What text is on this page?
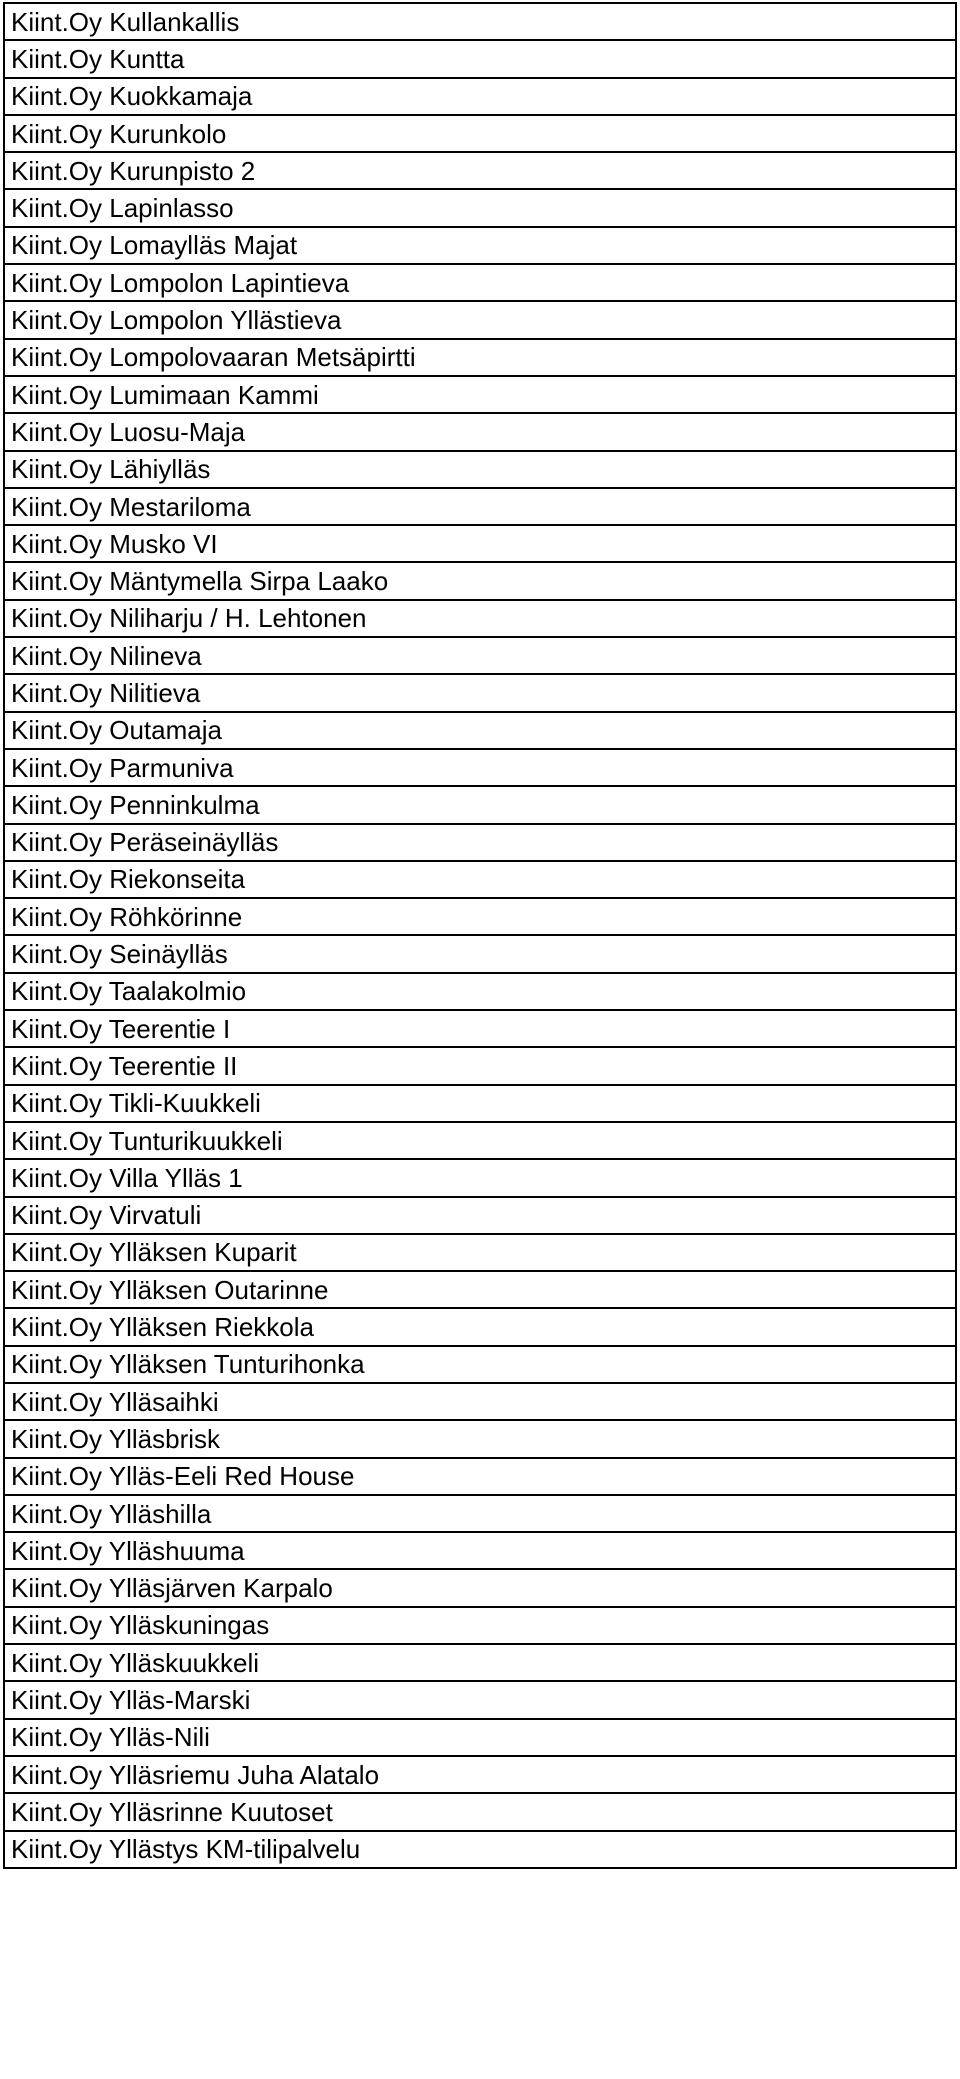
Kiint.Oy Kullankallis
Kiint.Oy Kuntta
Kiint.Oy Kuokkamaja
Kiint.Oy Kurunkolo
Kiint.Oy Kurunpisto 2
Kiint.Oy Lapinlasso
Kiint.Oy Lomaylläs Majat
Kiint.Oy Lompolon Lapintieva
Kiint.Oy Lompolon Yllästieva
Kiint.Oy Lompolovaaran Metsäpirtti
Kiint.Oy Lumimaan Kammi
Kiint.Oy Luosu-Maja
Kiint.Oy Lähiylläs
Kiint.Oy Mestariloma
Kiint.Oy Musko VI
Kiint.Oy Mäntymella Sirpa Laako
Kiint.Oy Niliharju / H. Lehtonen
Kiint.Oy Nilineva
Kiint.Oy Nilitieva
Kiint.Oy Outamaja
Kiint.Oy Parmuniva
Kiint.Oy Penninkulma
Kiint.Oy Peräseinäylläs
Kiint.Oy Riekonseita
Kiint.Oy Röhkörinne
Kiint.Oy Seinäylläs
Kiint.Oy Taalakolmio
Kiint.Oy Teerentie I
Kiint.Oy Teerentie II
Kiint.Oy Tikli-Kuukkeli
Kiint.Oy Tunturikuukkeli
Kiint.Oy Villa Ylläs 1
Kiint.Oy Virvatuli
Kiint.Oy Ylläksen Kuparit
Kiint.Oy Ylläksen Outarinne
Kiint.Oy Ylläksen Riekkola
Kiint.Oy Ylläksen Tunturihonka
Kiint.Oy Ylläsaihki
Kiint.Oy Ylläsbrisk
Kiint.Oy Ylläs-Eeli Red House
Kiint.Oy Ylläshilla
Kiint.Oy Ylläshuuma
Kiint.Oy Ylläsjärven Karpalo
Kiint.Oy Ylläskuningas
Kiint.Oy Ylläskuukkeli
Kiint.Oy Ylläs-Marski
Kiint.Oy Ylläs-Nili
Kiint.Oy Ylläsriemu Juha Alatalo
Kiint.Oy Ylläsrinne Kuutoset
Kiint.Oy Yllästys KM-tilipalvelu
